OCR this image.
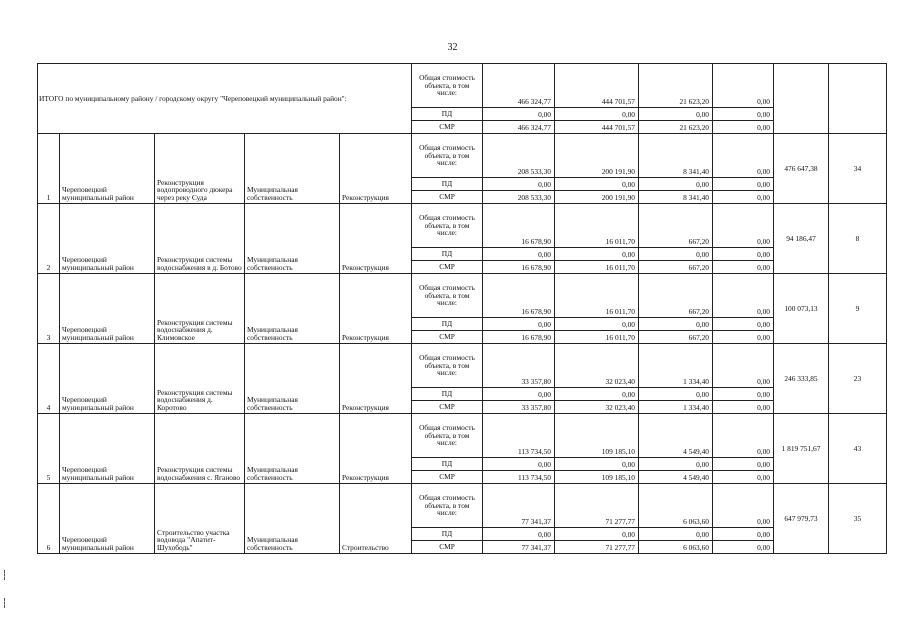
32
ИТОГО по муниципальному району / городскому округу "Череповецкий муниципальный район":					Общая стоимость объекта, в том числе:	466 324,77	444 701,57	21 623,20	0,00		
					ПД	0,00	0,00	0,00	0,00		
					СМР	466 324,77	444 701,57	21 623,20	0,00		
1	Череповецкий муниципальный район	Реконструкция водопроводного дюкера через реку Суда	Муниципальная собственность	Реконструкция	Общая стоимость объекта, в том числе:	208 533,30	200 191,90	8 341,40	0,00	476 647,38	34
					ПД	0,00	0,00	0,00	0,00		
					СМР	208 533,30	200 191,90	8 341,40	0,00		
2	Череповецкий муниципальный район	Реконструкция системы водоснабжения в д. Ботово	Муниципальная собственность	Реконструкция	Общая стоимость объекта, в том числе:	16 678,90	16 011,70	667,20	0,00	94 186,47	8
					ПД	0,00	0,00	0,00	0,00		
					СМР	16 678,90	16 011,70	667,20	0,00		
3	Череповецкий муниципальный район	Реконструкция системы водоснабжения д. Климовское	Муниципальная собственность	Реконструкция	Общая стоимость объекта, в том числе:	16 678,90	16 011,70	667,20	0,00	100 073,13	9
					ПД	0,00	0,00	0,00	0,00		
					СМР	16 678,90	16 011,70	667,20	0,00		
4	Череповецкий муниципальный район	Реконструкция системы водоснабжения д. Коротово	Муниципальная собственность	Реконструкция	Общая стоимость объекта, в том числе:	33 357,80	32 023,40	1 334,40	0,00	246 333,85	23
					ПД	0,00	0,00	0,00	0,00		
					СМР	33 357,80	32 023,40	1 334,40	0,00		
5	Череповецкий муниципальный район	Реконструкция системы водоснабжения с. Яганово	Муниципальная собственность	Реконструкция	Общая стоимость объекта, в том числе:	113 734,50	109 185,10	4 549,40	0,00	1 819 751,67	43
					ПД	0,00	0,00	0,00	0,00		
					СМР	113 734,50	109 185,10	4 549,40	0,00		
6	Череповецкий муниципальный район	Строительство участка водовода "Апатит-Шухободь"	Муниципальная собственность	Строительство	Общая стоимость объекта, в том числе:	77 341,37	71 277,77	6 063,60	0,00	647 979,73	35
					ПД	0,00	0,00	0,00	0,00		
					СМР	77 341,37	71 277,77	6 063,60	0,00		
